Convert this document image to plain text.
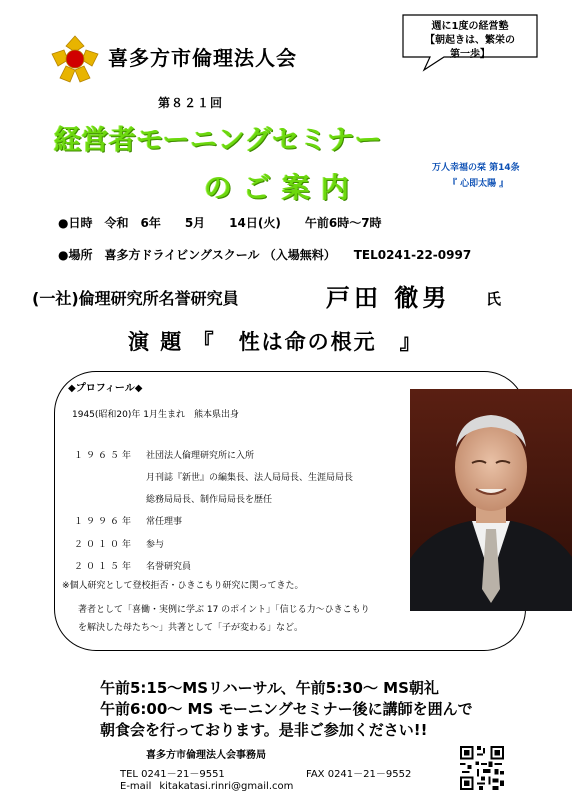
喜多方市倫理法人会
週に1度の経営塾
【朝起きは、繁栄の
第一歩】
第８２１回
経営者モーニングセミナー
のご案内
万人幸福の栞 第14条
『 心即太陽 』
●日時　令和　6年　　5月　　14日(火)　　午前6時～7時
●場所　喜多方ドライビングスクール （入場無料）　　TEL0241-22-0997
(一社)倫理研究所名誉研究員	戸田 徹男 氏
演 題 『　性は命の根元　』
◆プロフィール◆
1945(昭和20)年 1月生まれ　熊本県出身
１９６５年 社団法人倫理研究所に入所
月刊誌『新世』の編集長、法人局局長、生涯局局長
総務局局長、制作局局長を歴任
１９９６年 常任理事
２０１０年 参与
２０１５年 名誉研究員
※個人研究として登校拒否・ひきこもり研究に関ってきた。
著者として「喜働・実例に学ぶ 17 のポイント」「信じる力～ひきこもり
を解決した母たち～」共著として「子が変わる」など。
午前5:15～MSリハーサル、午前5:30～ MS朝礼
午前6:00～ MS モーニングセミナー後に講師を囲んで
朝食会を行っております。是非ご参加ください!!
喜多方市倫理法人会事務局
TEL 0241－21－9551	FAX 0241－21－9552
E-mail kitakatasi.rinri@gmail.com
